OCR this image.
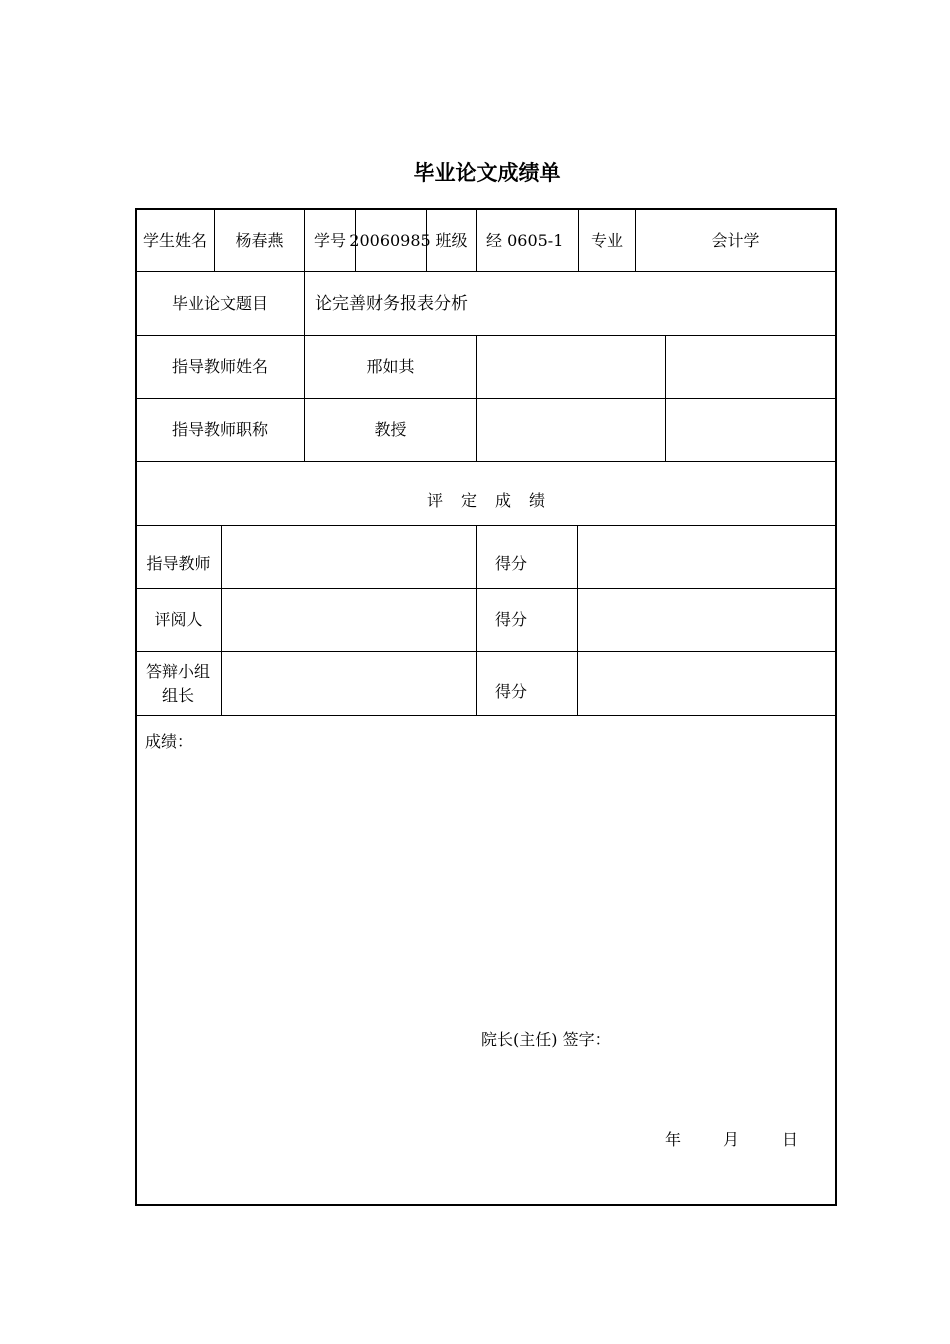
毕业论文成绩单
学生姓名	杨春燕	学号 20060985 班级	经 0605-1	专业	会计学
毕业论文题目	论完善财务报表分析
指导教师姓名	邢如其
指导教师职称	教授
评定成绩
指导教师	得分
评阅人	得分
答辩小组组长	得分
成绩：
院长(主任) 签字：
年	月	日
